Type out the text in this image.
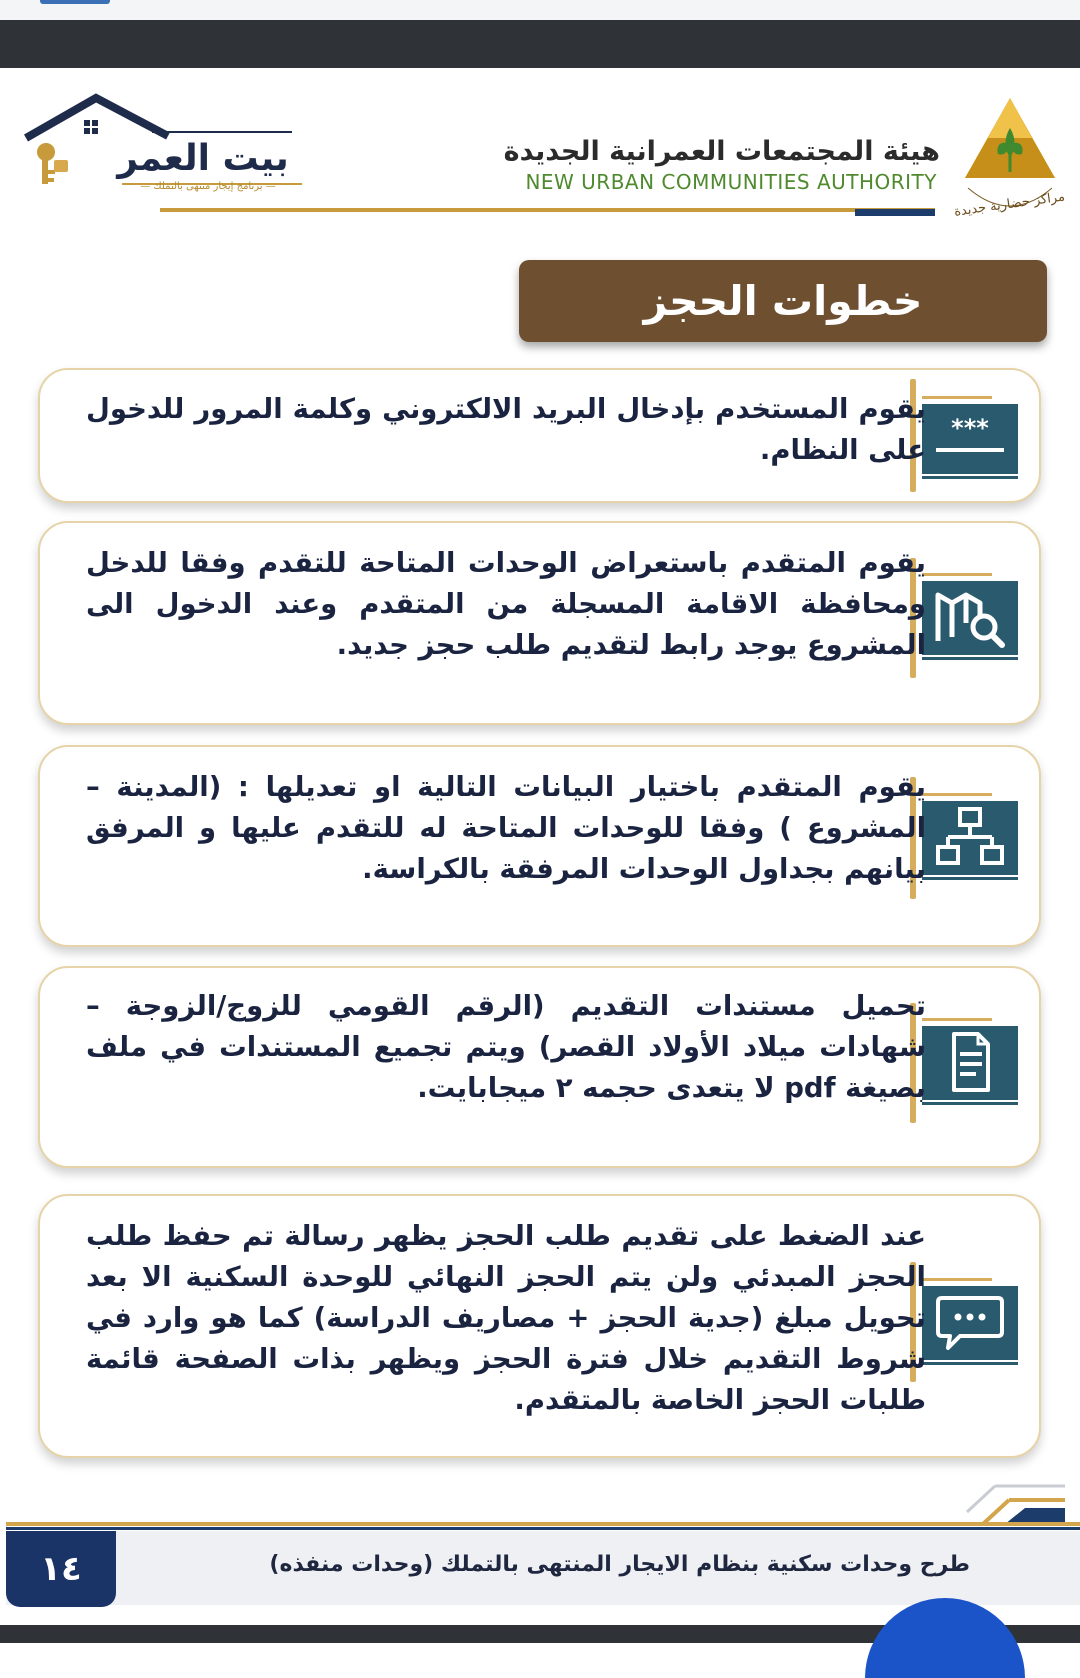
مراكز حضارية جديدة
هيئة المجتمعات العمرانية الجديدة
NEW URBAN COMMUNITIES AUTHORITY
بيت العمر
— برنامج إيجار منتهى بالتملك —
خطوات الحجز
***
يقوم المستخدم بإدخال البريد الالكتروني وكلمة المرور للدخول على النظام.
يقوم المتقدم باستعراض الوحدات المتاحة للتقدم وفقا للدخل ومحافظة الاقامة المسجلة من المتقدم وعند الدخول الى المشروع يوجد رابط لتقديم طلب حجز جديد.
يقوم المتقدم باختيار البيانات التالية او تعديلها : (المدينة – المشروع ) وفقا للوحدات المتاحة له للتقدم عليها و المرفق بيانهم بجداول الوحدات المرفقة بالكراسة.
تحميل مستندات التقديم (الرقم القومي للزوج/الزوجة – شهادات ميلاد الأولاد القصر) ويتم تجميع المستندات في ملف بصيغة pdf لا يتعدى حجمه ٢ ميجابايت.
عند الضغط على تقديم طلب الحجز يظهر رسالة تم حفظ طلب الحجز المبدئي ولن يتم الحجز النهائي للوحدة السكنية الا بعد تحويل مبلغ (جدية الحجز + مصاريف الدراسة) كما هو وارد في شروط التقديم خلال فترة الحجز ويظهر بذات الصفحة قائمة طلبات الحجز الخاصة بالمتقدم.
١٤	طرح وحدات سكنية بنظام الايجار المنتهى بالتملك (وحدات منفذه)
